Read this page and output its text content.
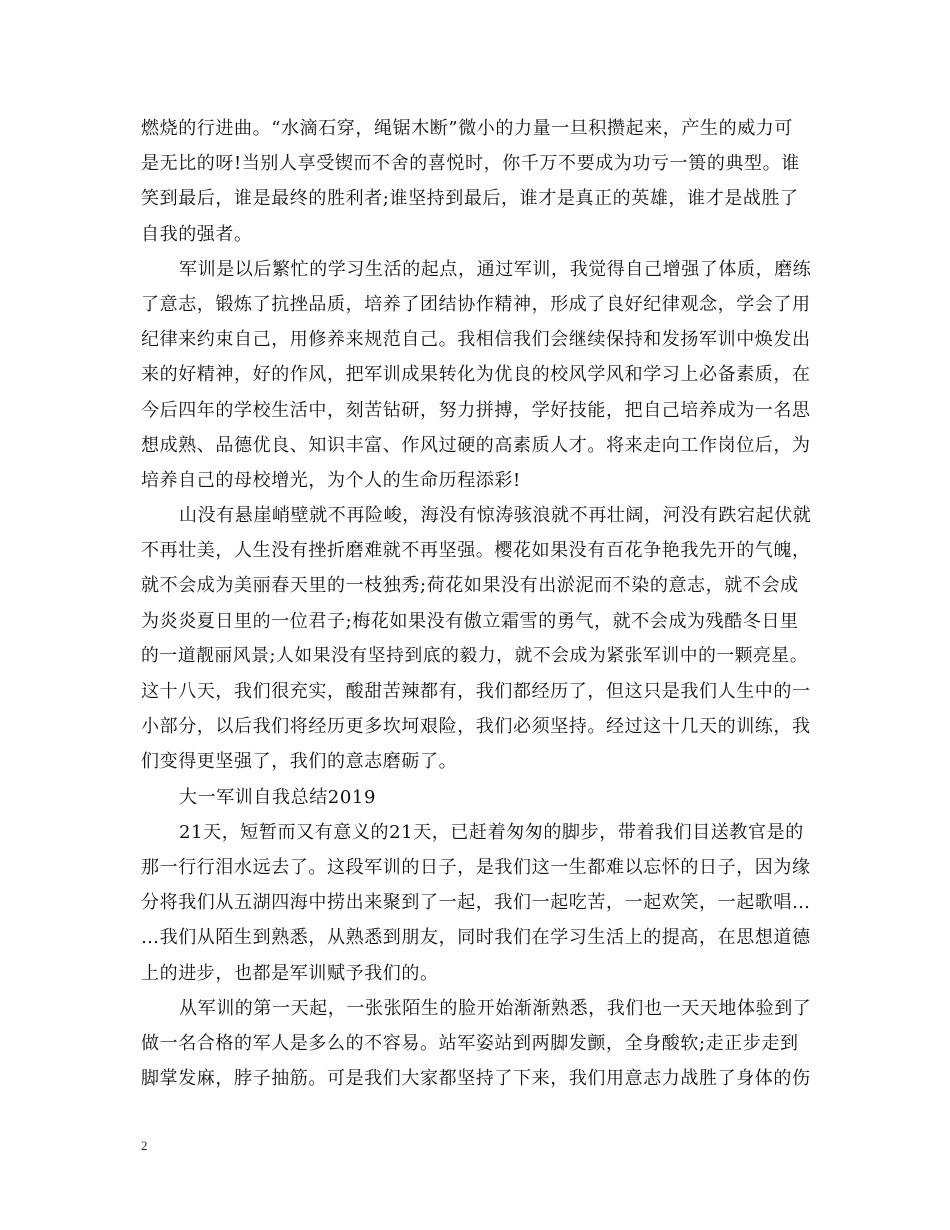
燃烧的行进曲。“水滴石穿，绳锯木断”微小的力量一旦积攒起来，产生的威力可
是无比的呀!当别人享受锲而不舍的喜悦时，你千万不要成为功亏一篑的典型。谁
笑到最后，谁是最终的胜利者;谁坚持到最后，谁才是真正的英雄，谁才是战胜了
自我的强者。
军训是以后繁忙的学习生活的起点，通过军训，我觉得自己增强了体质，磨练
了意志，锻炼了抗挫品质，培养了团结协作精神，形成了良好纪律观念，学会了用
纪律来约束自己，用修养来规范自己。我相信我们会继续保持和发扬军训中焕发出
来的好精神，好的作风，把军训成果转化为优良的校风学风和学习上必备素质，在
今后四年的学校生活中，刻苦钻研，努力拼搏，学好技能，把自己培养成为一名思
想成熟、品德优良、知识丰富、作风过硬的高素质人才。将来走向工作岗位后，为
培养自己的母校增光，为个人的生命历程添彩!
山没有悬崖峭壁就不再险峻，海没有惊涛骇浪就不再壮阔，河没有跌宕起伏就
不再壮美，人生没有挫折磨难就不再坚强。樱花如果没有百花争艳我先开的气魄，
就不会成为美丽春天里的一枝独秀;荷花如果没有出淤泥而不染的意志，就不会成
为炎炎夏日里的一位君子;梅花如果没有傲立霜雪的勇气，就不会成为残酷冬日里
的一道靓丽风景;人如果没有坚持到底的毅力，就不会成为紧张军训中的一颗亮星。
这十八天，我们很充实，酸甜苦辣都有，我们都经历了，但这只是我们人生中的一
小部分，以后我们将经历更多坎坷艰险，我们必须坚持。经过这十几天的训练，我
们变得更坚强了，我们的意志磨砺了。
大一军训自我总结2019
21天，短暂而又有意义的21天，已赶着匆匆的脚步，带着我们目送教官是的
那一行行泪水远去了。这段军训的日子，是我们这一生都难以忘怀的日子，因为缘
分将我们从五湖四海中捞出来聚到了一起，我们一起吃苦，一起欢笑，一起歌唱…
…我们从陌生到熟悉，从熟悉到朋友，同时我们在学习生活上的提高，在思想道德
上的进步，也都是军训赋予我们的。
从军训的第一天起，一张张陌生的脸开始渐渐熟悉，我们也一天天地体验到了
做一名合格的军人是多么的不容易。站军姿站到两脚发颤，全身酸软;走正步走到
脚掌发麻，脖子抽筋。可是我们大家都坚持了下来，我们用意志力战胜了身体的伤
2
